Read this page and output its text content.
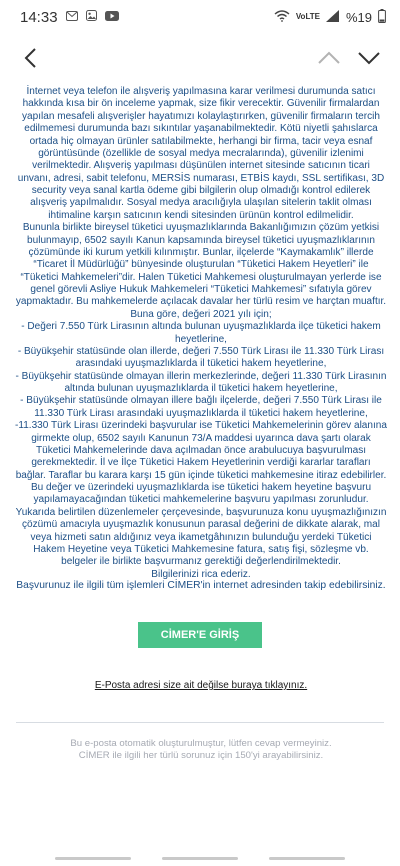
14:33	VoLTE %19

İnternet veya telefon ile alışveriş yapılmasına karar verilmesi durumunda satıcı hakkında kısa bir ön inceleme yapmak, size fikir verecektir. Güvenilir firmalardan yapılan mesafeli alışverişler hayatımızı kolaylaştırırken, güvenilir firmaların tercih edilmemesi durumunda bazı sıkıntılar yaşanabilmektedir. Kötü niyetli şahıslarca ortada hiç olmayan ürünler satılabilmekte, herhangi bir firma, tacir veya esnaf görüntüsünde (özellikle de sosyal medya mecralarında), güvenilir izlenimi verilmektedir. Alışveriş yapılması düşünülen internet sitesinde satıcının ticari unvanı, adresi, sabit telefonu, MERSİS numarası, ETBİS kaydı, SSL sertifikası, 3D security veya sanal kartla ödeme gibi bilgilerin olup olmadığı kontrol edilerek alışveriş yapılmalıdır. Sosyal medya aracılığıyla ulaşılan sitelerin taklit olması ihtimaline karşın satıcının kendi sitesinden ürünün kontrol edilmelidir.

Bununla birlikte bireysel tüketici uyuşmazlıklarında Bakanlığımızın çözüm yetkisi bulunmayıp, 6502 sayılı Kanun kapsamında bireysel tüketici uyuşmazlıklarının çözümünde iki kurum yetkili kılınmıştır. Bunlar, ilçelerde “Kaymakamlık” illerde “Ticaret İl Müdürlüğü” bünyesinde oluşturulan “Tüketici Hakem Heyetleri” ile “Tüketici Mahkemeleri”dir. Halen Tüketici Mahkemesi oluşturulmayan yerlerde ise genel görevli Asliye Hukuk Mahkemeleri “Tüketici Mahkemesi” sıfatıyla görev yapmaktadır. Bu mahkemelerde açılacak davalar her türlü resim ve harçtan muaftır.

Buna göre, değeri 2021 yılı için;

- Değeri 7.550 Türk Lirasının altında bulunan uyuşmazlıklarda ilçe tüketici hakem heyetlerine,

- Büyükşehir statüsünde olan illerde, değeri 7.550 Türk Lirası ile 11.330 Türk Lirası arasındaki uyuşmazlıklarda il tüketici hakem heyetlerine,

- Büyükşehir statüsünde olmayan illerin merkezlerinde, değeri 11.330 Türk Lirasının altında bulunan uyuşmazlıklarda il tüketici hakem heyetlerine,

- Büyükşehir statüsünde olmayan illere bağlı ilçelerde, değeri 7.550 Türk Lirası ile 11.330 Türk Lirası arasındaki uyuşmazlıklarda il tüketici hakem heyetlerine,

-11.330 Türk Lirası üzerindeki başvurular ise Tüketici Mahkemelerinin görev alanına girmekte olup, 6502 sayılı Kanunun 73/A maddesi uyarınca dava şartı olarak Tüketici Mahkemelerinde dava açılmadan önce arabulucuya başvurulması gerekmektedir. İl ve İlçe Tüketici Hakem Heyetlerinin verdiği kararlar tarafları bağlar. Taraflar bu karara karşı 15 gün içinde tüketici mahkemesine itiraz edebilirler. Bu değer ve üzerindeki uyuşmazlıklarda ise tüketici hakem heyetine başvuru yapılamayacağından tüketici mahkemelerine başvuru yapılması zorunludur.

Yukarıda belirtilen düzenlemeler çerçevesinde, başvurunuza konu uyuşmazlığınızın çözümü amacıyla uyuşmazlık konusunun parasal değerini de dikkate alarak, mal veya hizmeti satın aldığınız veya ikametgâhınızın bulunduğu yerdeki Tüketici Hakem Heyetine veya Tüketici Mahkemesine fatura, satış fişi, sözleşme vb. belgeler ile birlikte başvurmanız gerektiği değerlendirilmektedir.

Bilgilerinizi rica ederiz.

Başvurunuz ile ilgili tüm işlemleri CİMER'in internet adresinden takip edebilirsiniz.
CİMER'E GİRİŞ
E-Posta adresi size ait değilse buraya tıklayınız.
Bu e-posta otomatik oluşturulmuştur, lütfen cevap vermeyiniz.
CİMER ile ilgili her türlü sorunuz için 150'yi arayabilirsiniz.
